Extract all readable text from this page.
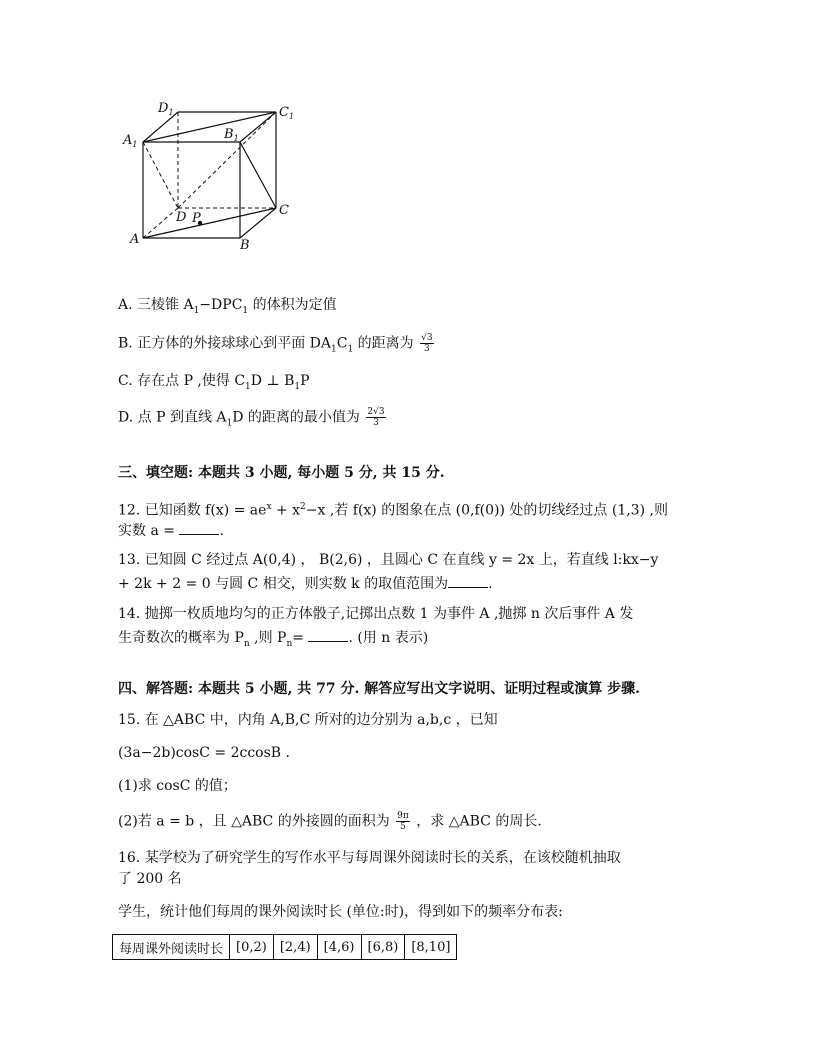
$D_1$
$A_1$
$B_1$
$C_1$
D P
C
A	B
A. 三棱锥 $A_1-DPC_1$ 的体积为定值
B. 正方体的外接球球心到平面 $DA_1C_1$ 的距离为 $\frac{√3}{3}$
C. 存在点 P ,使得 $C_1D$ ⊥ $B_1P$
D. 点 P 到直线 $A_1D$ 的距离的最小值为 $\frac{2√3}{3}$
三、填空题: 本题共 3 小题, 每小题 5 分, 共 15 分.
12. 已知函数 $f(x) = ae^x + x^2-x$ ,若 f(x) 的图象在点 (0,f(0)) 处的切线经过点 (1,3) ,则
实数 a =	.
13. 已知圆 C 经过点 A(0,4) ， B(2,6) ，且圆心 C 在直线 y = 2x 上，若直线 l:kx−y
+ 2k + 2 = 0 与圆 C 相交，则实数 k 的取值范围为	.
14. 抛掷一枚质地均匀的正方体骰子,记掷出点数 1 为事件 A ,抛掷 n 次后事件 A 发
生奇数次的概率为 $P_n$ ,则 $P_n=$	. (用 n 表示)
四、解答题: 本题共 5 小题, 共 77 分. 解答应写出文字说明、证明过程或演算 步骤.
15. 在 △ABC 中，内角 A,B,C 所对的边分别为 a,b,c ，已知
(3a−2b)cosC = 2ccosB .
(1)求 cosC 的值；
(2)若 a = b ，且 △ABC 的外接圆的面积为 $\frac{9\pi}{5}$ ，求 △ABC 的周长.
16. 某学校为了研究学生的写作水平与每周课外阅读时长的关系，在该校随机抽取
了 200 名
学生，统计他们每周的课外阅读时长 (单位:时)，得到如下的频率分布表:
每周课外阅读时长	[0,2)	[2,4)	[4,6)	[6,8)	[8,10]
